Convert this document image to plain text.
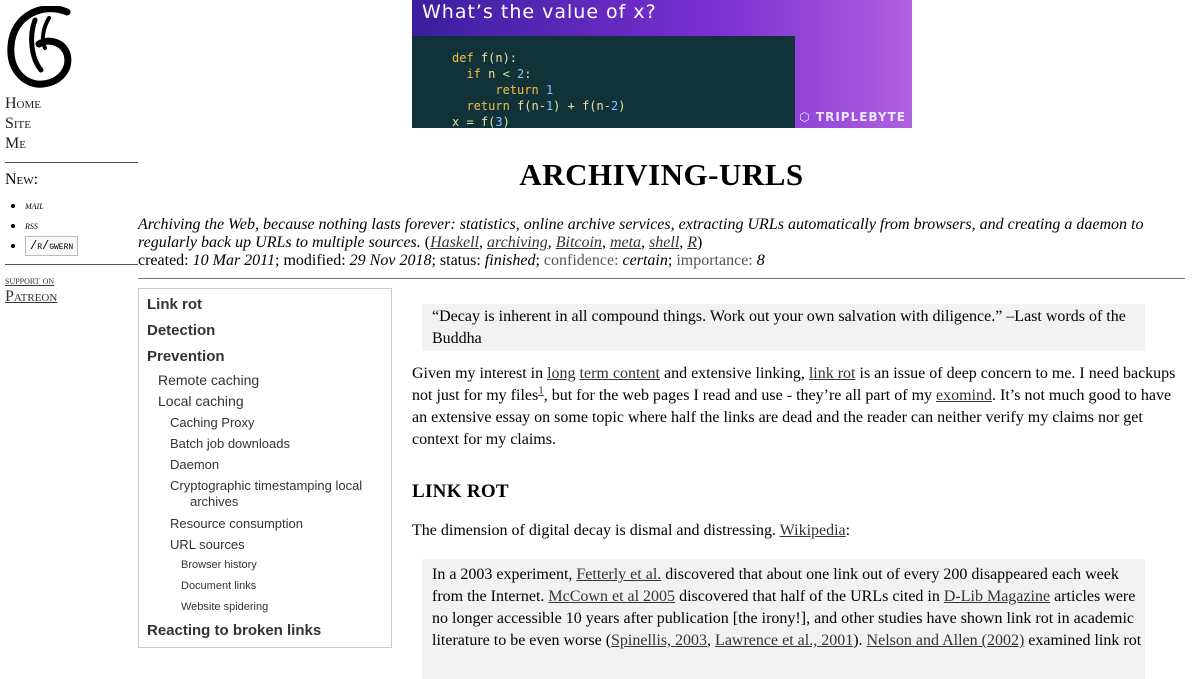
Home
Site
Me
New:
• mail
• rss
• /r/gwern
support on
Patreon
What’s the value of x?
def f(n):
if n < 2:
return 1
return f(n-1) + f(n-2)
x = f(3)	⬡ TRIPLEBYTE
ARCHIVING-URLS

Archiving the Web, because nothing lasts forever: statistics, online archive services, extracting URLs automatically from browsers, and creating a daemon to regularly back up URLs to multiple sources. (Haskell, archiving, Bitcoin, meta, shell, R)

created: 10 Mar 2011; modified: 29 Nov 2018; status: finished; confidence: certain; importance: 8
Link rot
Detection
Prevention
Remote caching
Local caching
Caching Proxy
Batch job downloads
Daemon
Cryptographic timestamping local
archives
Resource consumption
URL sources
Browser history
Document links
Website spidering
Reacting to broken links
“Decay is inherent in all compound things. Work out your own salvation with diligence.” –Last words of the Buddha

Given my interest in long term content and extensive linking, link rot is an issue of deep concern to me. I need backups not just for my files$^1$, but for the web pages I read and use - they’re all part of my exomind. It’s not much good to have an extensive essay on some topic where half the links are dead and the reader can neither verify my claims nor get context for my claims.

LINK ROT

The dimension of digital decay is dismal and distressing. Wikipedia:

In a 2003 experiment, Fetterly et al. discovered that about one link out of every 200 disappeared each week from the Internet. McCown et al 2005 discovered that half of the URLs cited in D-Lib Magazine articles were no longer accessible 10 years after publication [the irony!], and other studies have shown link rot in academic literature to be even worse (Spinellis, 2003, Lawrence et al., 2001). Nelson and Allen (2002) examined link rot
